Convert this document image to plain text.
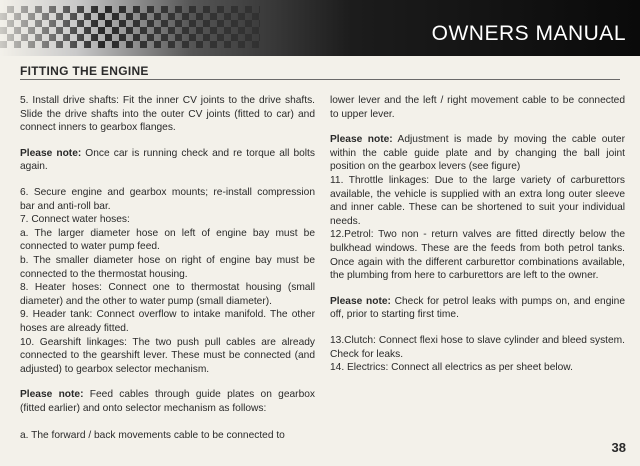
OWNERS MANUAL
FITTING THE ENGINE

5. Install drive shafts: Fit the inner CV joints to the drive shafts. Slide the drive shafts into the outer CV joints (fitted to car) and connect inners to gearbox flanges.

Please note: Once car is running check and re torque all bolts again.

6. Secure engine and gearbox mounts; re-install compression bar and anti-roll bar.

7. Connect water hoses:

a. The larger diameter hose on left of engine bay must be connected to water pump feed.

b. The smaller diameter hose on right of engine bay must be connected to the thermostat housing.

8. Heater hoses: Connect one to thermostat housing (small diameter) and the other to water pump (small diameter).

9. Header tank: Connect overflow to intake manifold. The other hoses are already fitted.

10. Gearshift linkages: The two push pull cables are already connected to the gearshift lever. These must be connected (and adjusted) to gearbox selector mechanism.

Please note: Feed cables through guide plates on gearbox (fitted earlier) and onto selector mechanism as follows:

a. The forward / back movements cable to be connected to

lower lever and the left / right movement cable to be connected to upper lever.

Please note: Adjustment is made by moving the cable outer within the cable guide plate and by changing the ball joint position on the gearbox levers (see figure)

11. Throttle linkages: Due to the large variety of carburettors available, the vehicle is supplied with an extra long outer sleeve and inner cable. These can be shortened to suit your individual needs.

12.Petrol: Two non - return valves are fitted directly below the bulkhead windows. These are the feeds from both petrol tanks. Once again with the different carburettor combinations available, the plumbing from here to carburettors are left to the owner.

Please note: Check for petrol leaks with pumps on, and engine off, prior to starting first time.

13.Clutch: Connect flexi hose to slave cylinder and bleed system. Check for leaks.

14. Electrics: Connect all electrics as per sheet below.

38
